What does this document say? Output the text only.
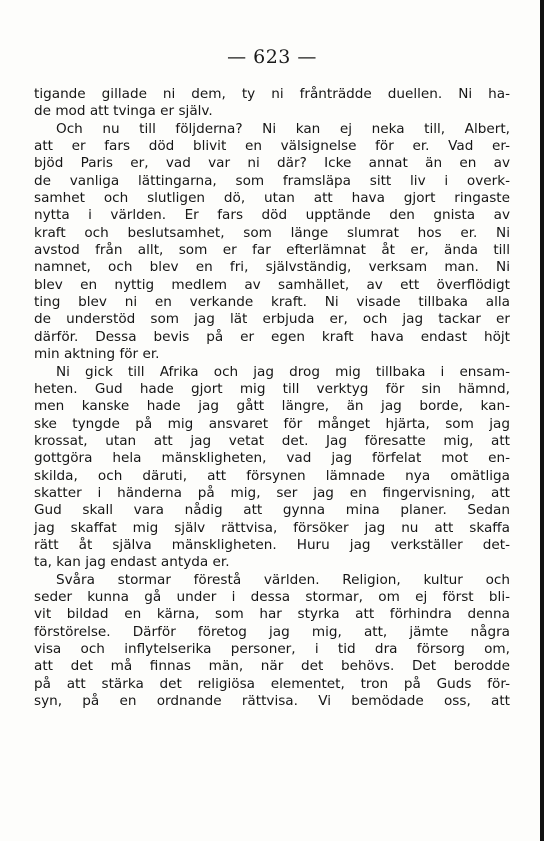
— 623 —
tigande gillade ni dem, ty ni frånträdde duellen. Ni ha-
de mod att tvinga er själv.
Och nu till följderna? Ni kan ej neka till, Albert,
att er fars död blivit en välsignelse för er. Vad er-
bjöd Paris er, vad var ni där? Icke annat än en av
de vanliga lättingarna, som framsläpa sitt liv i overk-
samhet och slutligen dö, utan att hava gjort ringaste
nytta i världen. Er fars död upptände den gnista av
kraft och beslutsamhet, som länge slumrat hos er. Ni
avstod från allt, som er far efterlämnat åt er, ända till
namnet, och blev en fri, självständig, verksam man. Ni
blev en nyttig medlem av samhället, av ett överflödigt
ting blev ni en verkande kraft. Ni visade tillbaka alla
de understöd som jag lät erbjuda er, och jag tackar er
därför. Dessa bevis på er egen kraft hava endast höjt
min aktning för er.
Ni gick till Afrika och jag drog mig tillbaka i ensam-
heten. Gud hade gjort mig till verktyg för sin hämnd,
men kanske hade jag gått längre, än jag borde, kan-
ske tyngde på mig ansvaret för månget hjärta, som jag
krossat, utan att jag vetat det. Jag föresatte mig, att
gottgöra hela mänskligheten, vad jag förfelat mot en-
skilda, och däruti, att försynen lämnade nya omätliga
skatter i händerna på mig, ser jag en fingervisning, att
Gud skall vara nådig att gynna mina planer. Sedan
jag skaffat mig själv rättvisa, försöker jag nu att skaffa
rätt åt själva mänskligheten. Huru jag verkställer det-
ta, kan jag endast antyda er.
Svåra stormar förestå världen. Religion, kultur och
seder kunna gå under i dessa stormar, om ej först bli-
vit bildad en kärna, som har styrka att förhindra denna
förstörelse. Därför företog jag mig, att, jämte några
visa och inflytelserika personer, i tid dra försorg om,
att det må finnas män, när det behövs. Det berodde
på att stärka det religiösa elementet, tron på Guds för-
syn, på en ordnande rättvisa. Vi bemödade oss, att
